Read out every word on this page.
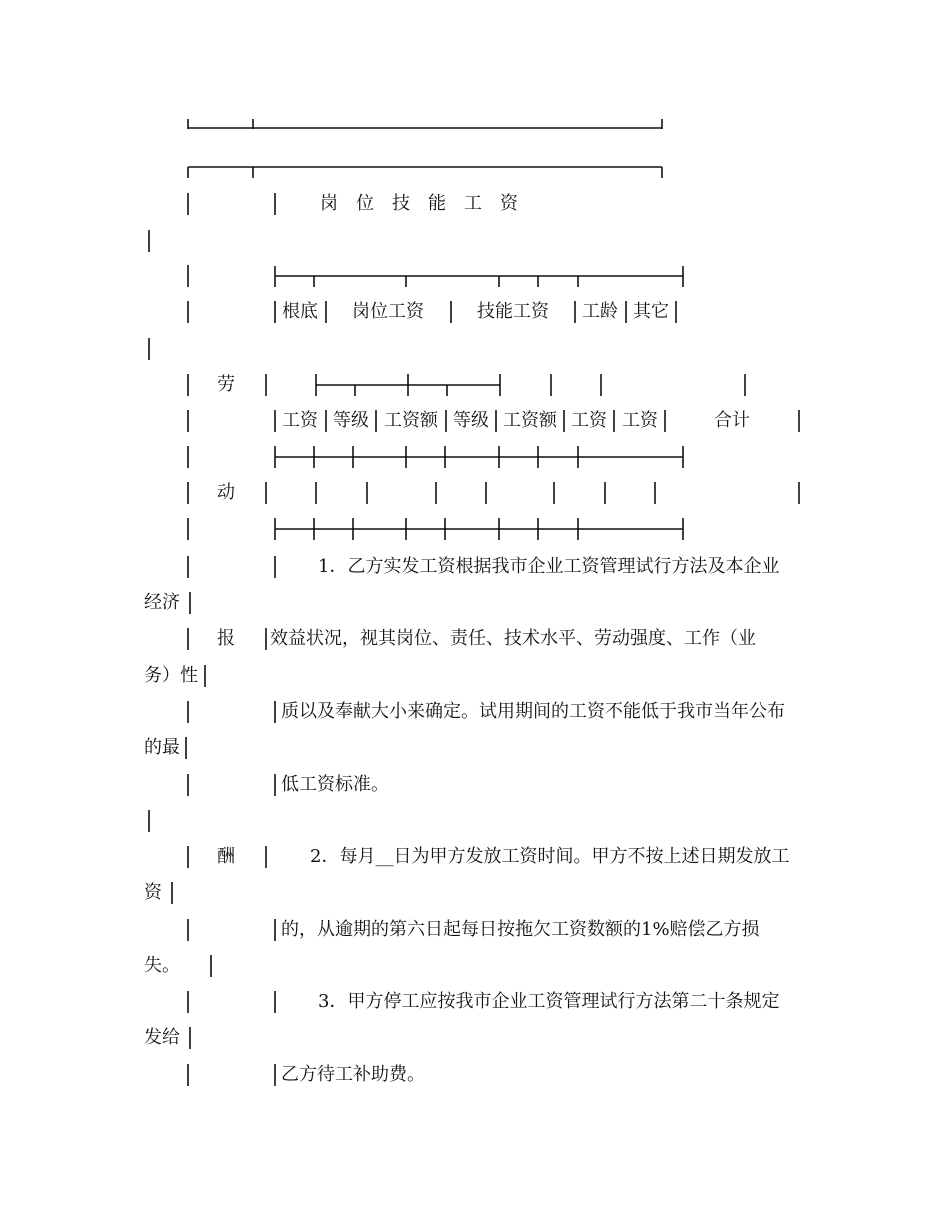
岗位技能工资
根底 岗位工资	技能工资 工龄 其它
工资 等级 工资额 等级 工资额 工资 工资	合计
劳
动
报
酬
1．乙方实发工资根据我市企业工资管理试行方法及本企业
经济
效益状况，视其岗位、责任、技术水平、劳动强度、工作（业
务）性
质以及奉献大小来确定。试用期间的工资不能低于我市当年公布
的最
低工资标准。
2．每月__日为甲方发放工资时间。甲方不按上述日期发放工
资
的，从逾期的第六日起每日按拖欠工资数额的1%赔偿乙方损
失。
3．甲方停工应按我市企业工资管理试行方法第二十条规定
发给
乙方待工补助费。
